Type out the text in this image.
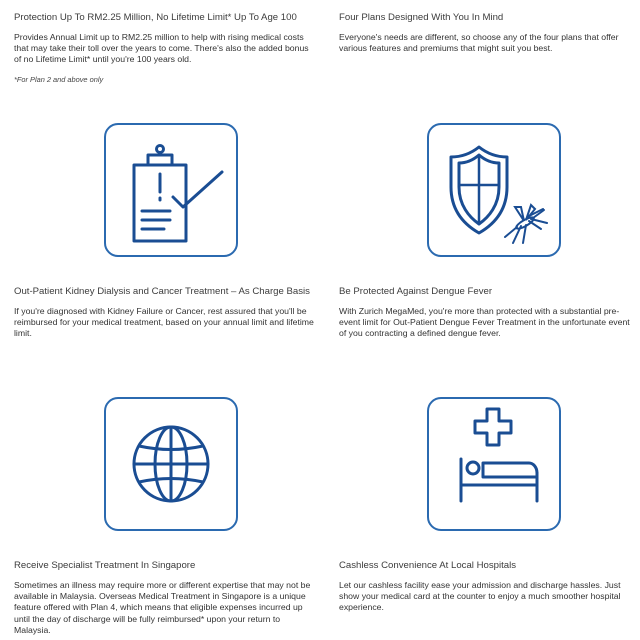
Protection Up To RM2.25 Million, No Lifetime Limit* Up To Age 100

Provides Annual Limit up to RM2.25 million to help with rising medical costs that may take their toll over the years to come. There's also the added bonus of no Lifetime Limit* until you're 100 years old.

*For Plan 2 and above only

Four Plans Designed With You In Mind

Everyone's needs are different, so choose any of the four plans that offer various features and premiums that might suit you best.

Out-Patient Kidney Dialysis and Cancer Treatment – As Charge Basis

If you're diagnosed with Kidney Failure or Cancer, rest assured that you'll be reimbursed for your medical treatment, based on your annual limit and lifetime limit.

Be Protected Against Dengue Fever

With Zurich MegaMed, you're more than protected with a substantial pre-event limit for Out-Patient Dengue Fever Treatment in the unfortunate event of you contracting a defined dengue fever.

Receive Specialist Treatment In Singapore

Sometimes an illness may require more or different expertise that may not be available in Malaysia. Overseas Medical Treatment in Singapore is a unique feature offered with Plan 4, which means that eligible expenses incurred up until the day of discharge will be fully reimbursed* upon your return to Malaysia.

Cashless Convenience At Local Hospitals

Let our cashless facility ease your admission and discharge hassles. Just show your medical card at the counter to enjoy a much smoother hospital experience.
